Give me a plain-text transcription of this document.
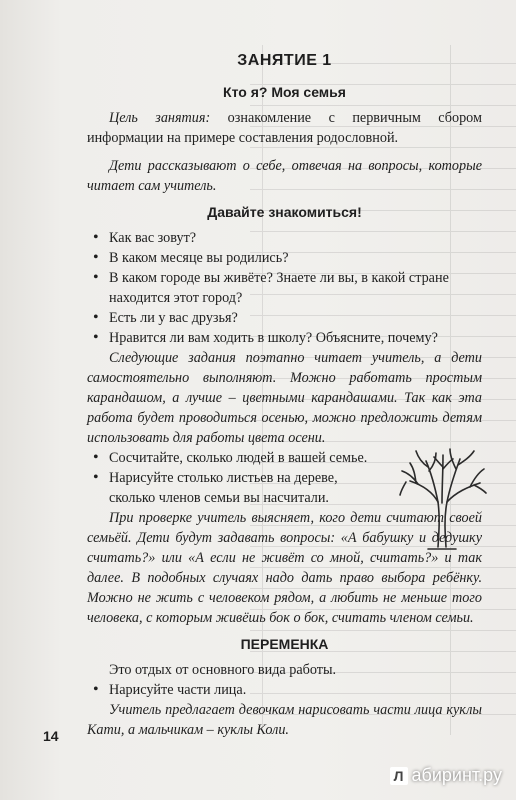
ЗАНЯТИЕ 1
Кто я? Моя семья

Цель занятия: ознакомление с первичным сбором информации на примере составления родословной.

Дети рассказывают о себе, отвечая на вопросы, которые читает сам учитель.

Давайте знакомиться!
• Как вас зовут?
• В каком месяце вы родились?
• В каком городе вы живёте? Знаете ли вы, в какой стране находится этот город?
• Есть ли у вас друзья?
• Нравится ли вам ходить в школу? Объясните, почему?

Следующие задания поэтапно читает учитель, а дети самостоятельно выполняют. Можно работать простым карандашом, а лучше – цветными карандашами. Так как эта работа будет проводиться осенью, можно предложить детям использовать для работы цвета осени.

• Сосчитайте, сколько людей в вашей семье.
• Нарисуйте столько листьев на дереве, сколько членов семьи вы насчитали.

При проверке учитель выясняет, кого дети считают своей семьёй. Дети будут задавать вопросы: «А бабушку и дедушку считать?» или «А если не живёт со мной, считать?» и так далее. В подобных случаях надо дать право выбора ребёнку. Можно не жить с человеком рядом, а любить не меньше того человека, с которым живёшь бок о бок, считать членом семьи.

ПЕРЕМЕНКА

Это отдых от основного вида работы.

• Нарисуйте части лица.

Учитель предлагает девочкам нарисовать части лица куклы Кати, а мальчикам – куклы Коли.

14
Л абиринт.ру
